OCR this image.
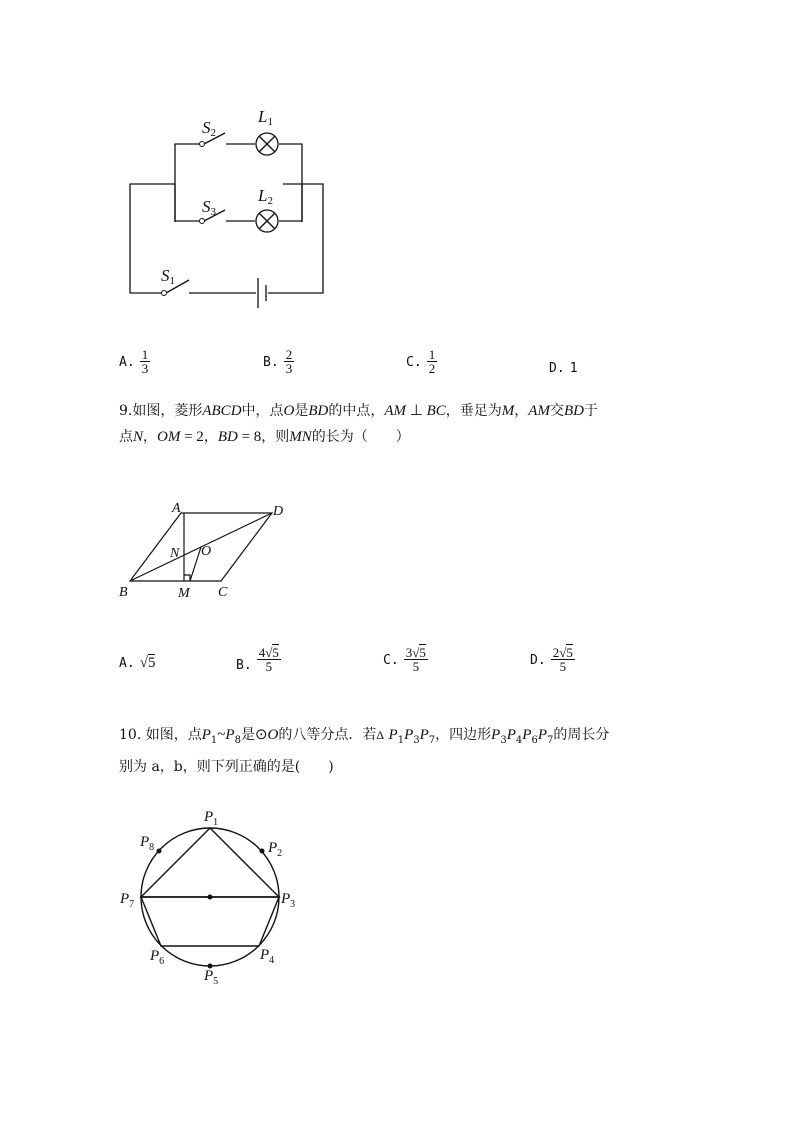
S2
S3
S1
L1
L2
A. $\frac{1}{3}$	B. $\frac{2}{3}$	C. $\frac{1}{2}$	D. 1
9.如图，菱形ABCD中，点O是BD的中点，AM ⊥ BC，垂足为M，AM交BD于
点N，OM = 2，BD = 8，则MN的长为（　　）
A	D
N O
B	M C
A. √5	B. $\frac{4√5}{5}$	C. $\frac{3√5}{5}$	D. $\frac{2√5}{5}$
10. 如图，点$P_1\sim P_8$是⊙O的八等分点．若Δ $P_1P_3P_7$，四边形$P_3P_4P_6P_7$的周长分
别为 a，b，则下列正确的是(　　)
$P_1$
$P_2$
$P_3$
$P_4$
$P_5$
$P_6$
$P_7$
$P_8$
